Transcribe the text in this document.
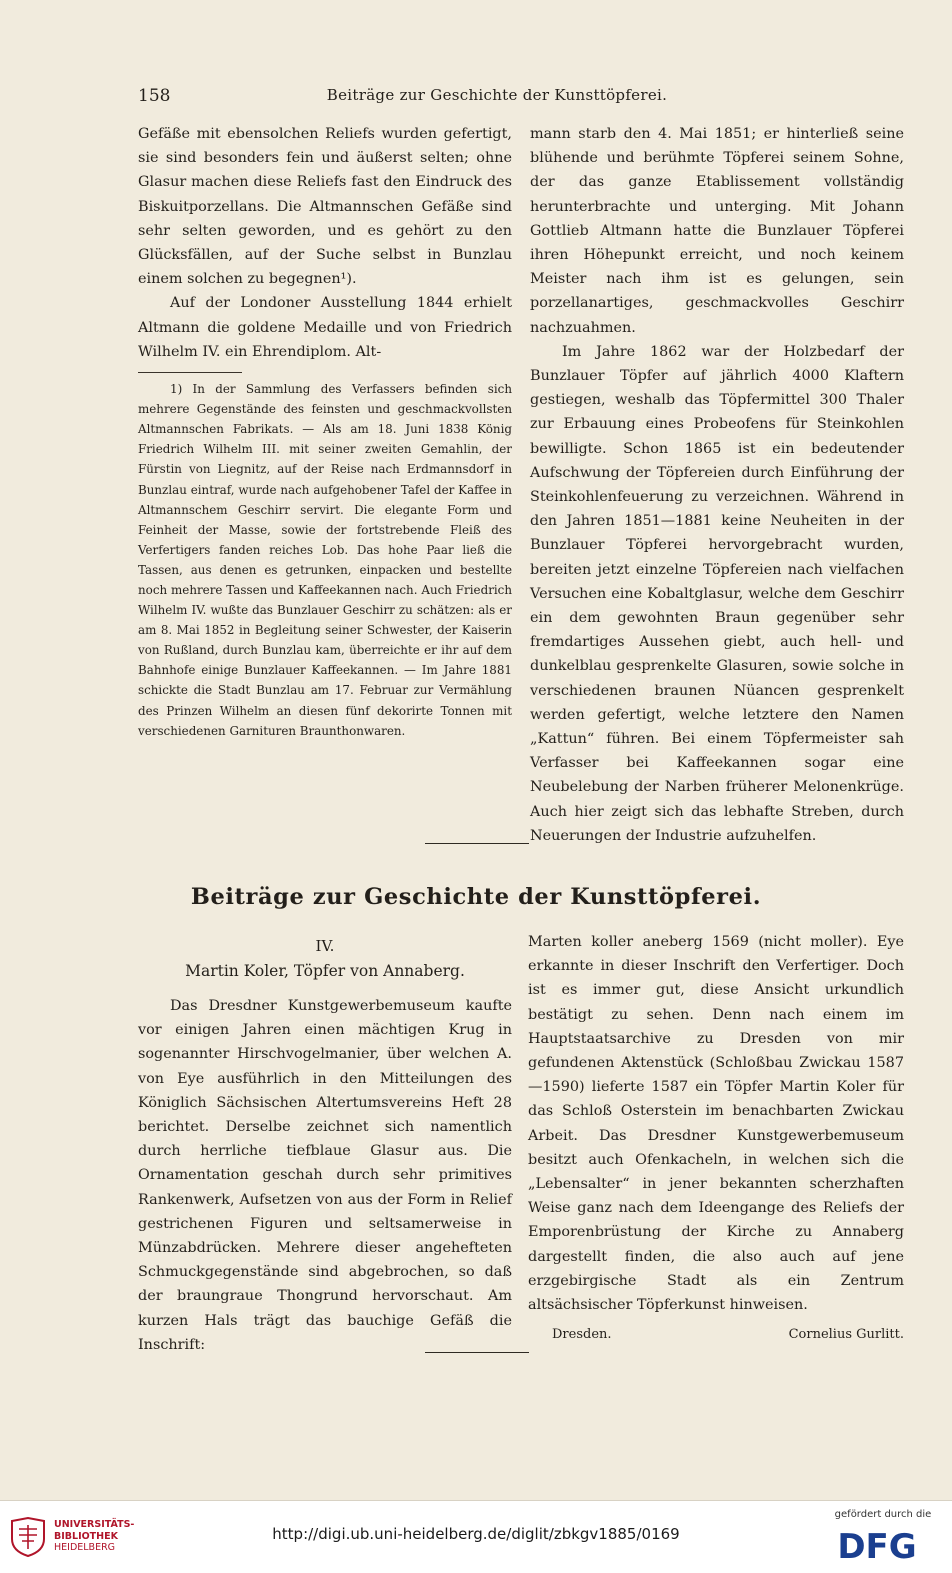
158	Beiträge zur Geschichte der Kunsttöpferei.

Gefäße mit ebensolchen Reliefs wurden gefertigt, sie sind besonders fein und äußerst selten; ohne Glasur machen diese Reliefs fast den Eindruck des Biskuitporzellans. Die Altmannschen Gefäße sind sehr selten geworden, und es gehört zu den Glücksfällen, auf der Suche selbst in Bunzlau einem solchen zu begegnen¹).

Auf der Londoner Ausstellung 1844 erhielt Altmann die goldene Medaille und von Friedrich Wilhelm IV. ein Ehrendiplom. Alt-

1) In der Sammlung des Verfassers befinden sich mehrere Gegenstände des feinsten und geschmackvollsten Altmannschen Fabrikats. — Als am 18. Juni 1838 König Friedrich Wilhelm III. mit seiner zweiten Gemahlin, der Fürstin von Liegnitz, auf der Reise nach Erdmannsdorf in Bunzlau eintraf, wurde nach aufgehobener Tafel der Kaffee in Altmannschem Geschirr servirt. Die elegante Form und Feinheit der Masse, sowie der fortstrebende Fleiß des Verfertigers fanden reiches Lob. Das hohe Paar ließ die Tassen, aus denen es getrunken, einpacken und bestellte noch mehrere Tassen und Kaffeekannen nach. Auch Friedrich Wilhelm IV. wußte das Bunzlauer Geschirr zu schätzen: als er am 8. Mai 1852 in Begleitung seiner Schwester, der Kaiserin von Rußland, durch Bunzlau kam, überreichte er ihr auf dem Bahnhofe einige Bunzlauer Kaffeekannen. — Im Jahre 1881 schickte die Stadt Bunzlau am 17. Februar zur Vermählung des Prinzen Wilhelm an diesen fünf dekorirte Tonnen mit verschiedenen Garnituren Braunthonwaren.

mann starb den 4. Mai 1851; er hinterließ seine blühende und berühmte Töpferei seinem Sohne, der das ganze Etablissement vollständig herunterbrachte und unterging. Mit Johann Gottlieb Altmann hatte die Bunzlauer Töpferei ihren Höhepunkt erreicht, und noch keinem Meister nach ihm ist es gelungen, sein porzellanartiges, geschmackvolles Geschirr nachzuahmen.

Im Jahre 1862 war der Holzbedarf der Bunzlauer Töpfer auf jährlich 4000 Klaftern gestiegen, weshalb das Töpfermittel 300 Thaler zur Erbauung eines Probeofens für Steinkohlen bewilligte. Schon 1865 ist ein bedeutender Aufschwung der Töpfereien durch Einführung der Steinkohlenfeuerung zu verzeichnen. Während in den Jahren 1851—1881 keine Neuheiten in der Bunzlauer Töpferei hervorgebracht wurden, bereiten jetzt einzelne Töpfereien nach vielfachen Versuchen eine Kobaltglasur, welche dem Geschirr ein dem gewohnten Braun gegenüber sehr fremdartiges Aussehen giebt, auch hell- und dunkelblau gesprenkelte Glasuren, sowie solche in verschiedenen braunen Nüancen gesprenkelt werden gefertigt, welche letztere den Namen „Kattun“ führen. Bei einem Töpfermeister sah Verfasser bei Kaffeekannen sogar eine Neubelebung der Narben früherer Melonenkrüge. Auch hier zeigt sich das lebhafte Streben, durch Neuerungen der Industrie aufzuhelfen.

Beiträge zur Geschichte der Kunsttöpferei.

IV.

Martin Koler, Töpfer von Annaberg.

Das Dresdner Kunstgewerbemuseum kaufte vor einigen Jahren einen mächtigen Krug in sogenannter Hirschvogelmanier, über welchen A. von Eye ausführlich in den Mitteilungen des Königlich Sächsischen Altertumsvereins Heft 28 berichtet. Derselbe zeichnet sich namentlich durch herrliche tiefblaue Glasur aus. Die Ornamentation geschah durch sehr primitives Rankenwerk, Aufsetzen von aus der Form in Relief gestrichenen Figuren und seltsamerweise in Münzabdrücken. Mehrere dieser angehefteten Schmuckgegenstände sind abgebrochen, so daß der braungraue Thongrund hervorschaut. Am kurzen Hals trägt das bauchige Gefäß die Inschrift:

Marten koller aneberg 1569 (nicht moller). Eye erkannte in dieser Inschrift den Verfertiger. Doch ist es immer gut, diese Ansicht urkundlich bestätigt zu sehen. Denn nach einem im Hauptstaatsarchive zu Dresden von mir gefundenen Aktenstück (Schloßbau Zwickau 1587—1590) lieferte 1587 ein Töpfer Martin Koler für das Schloß Osterstein im benachbarten Zwickau Arbeit. Das Dresdner Kunstgewerbemuseum besitzt auch Ofenkacheln, in welchen sich die „Lebensalter“ in jener bekannten scherzhaften Weise ganz nach dem Ideengange des Reliefs der Emporenbrüstung der Kirche zu Annaberg dargestellt finden, die also auch auf jene erzgebirgische Stadt als ein Zentrum altsächsischer Töpferkunst hinweisen.

Dresden.	Cornelius Gurlitt.
UNIVERSITÄTS-
BIBLIOTHEK
HEIDELBERG
http://digi.ub.uni-heidelberg.de/diglit/zbkgv1885/0169
gefördert durch die
DFG
